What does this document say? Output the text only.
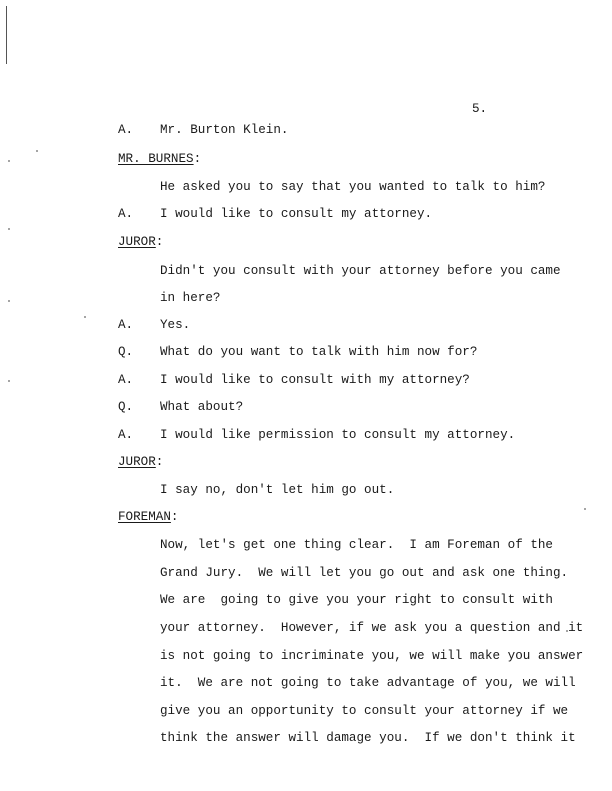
5.
A. Mr. Burton Klein.
MR. BURNES:
He asked you to say that you wanted to talk to him?
A. I would like to consult my attorney.
JUROR:
Didn't you consult with your attorney before you came
in here?
A. Yes.
Q. What do you want to talk with him now for?
A. I would like to consult with my attorney?
Q. What about?
A. I would like permission to consult my attorney.
JUROR:
I say no, don't let him go out.
FOREMAN:
Now, let's get one thing clear.  I am Foreman of the
Grand Jury.  We will let you go out and ask one thing.
We are  going to give you your right to consult with
your attorney.  However, if we ask you a question and it
is not going to incriminate you, we will make you answer
it.  We are not going to take advantage of you, we will
give you an opportunity to consult your attorney if we
think the answer will damage you.  If we don't think it
